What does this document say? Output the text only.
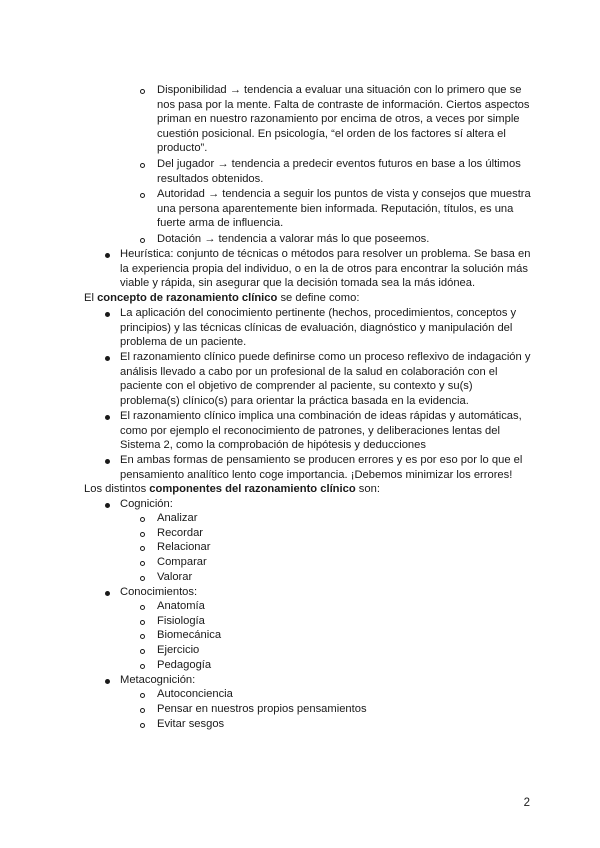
Disponibilidad → tendencia a evaluar una situación con lo primero que se nos pasa por la mente. Falta de contraste de información. Ciertos aspectos priman en nuestro razonamiento por encima de otros, a veces por simple cuestión posicional. En psicología, “el orden de los factores sí altera el producto”.
Del jugador → tendencia a predecir eventos futuros en base a los últimos resultados obtenidos.
Autoridad → tendencia a seguir los puntos de vista y consejos que muestra una persona aparentemente bien informada. Reputación, títulos, es una fuerte arma de influencia.
Dotación → tendencia a valorar más lo que poseemos.
Heurística: conjunto de técnicas o métodos para resolver un problema. Se basa en la experiencia propia del individuo, o en la de otros para encontrar la solución más viable y rápida, sin asegurar que la decisión tomada sea la más idónea.
El concepto de razonamiento clínico se define como:
La aplicación del conocimiento pertinente (hechos, procedimientos, conceptos y principios) y las técnicas clínicas de evaluación, diagnóstico y manipulación del problema de un paciente.
El razonamiento clínico puede definirse como un proceso reflexivo de indagación y análisis llevado a cabo por un profesional de la salud en colaboración con el paciente con el objetivo de comprender al paciente, su contexto y su(s) problema(s) clínico(s) para orientar la práctica basada en la evidencia.
El razonamiento clínico implica una combinación de ideas rápidas y automáticas, como por ejemplo el reconocimiento de patrones, y deliberaciones lentas del Sistema 2, como la comprobación de hipótesis y deducciones
En ambas formas de pensamiento se producen errores y es por eso por lo que el pensamiento analítico lento coge importancia. ¡Debemos minimizar los errores!
Los distintos componentes del razonamiento clínico son:
Cognición:
Analizar
Recordar
Relacionar
Comparar
Valorar
Conocimientos:
Anatomía
Fisiología
Biomecánica
Ejercicio
Pedagogía
Metacognición:
Autoconciencia
Pensar en nuestros propios pensamientos
Evitar sesgos
2
